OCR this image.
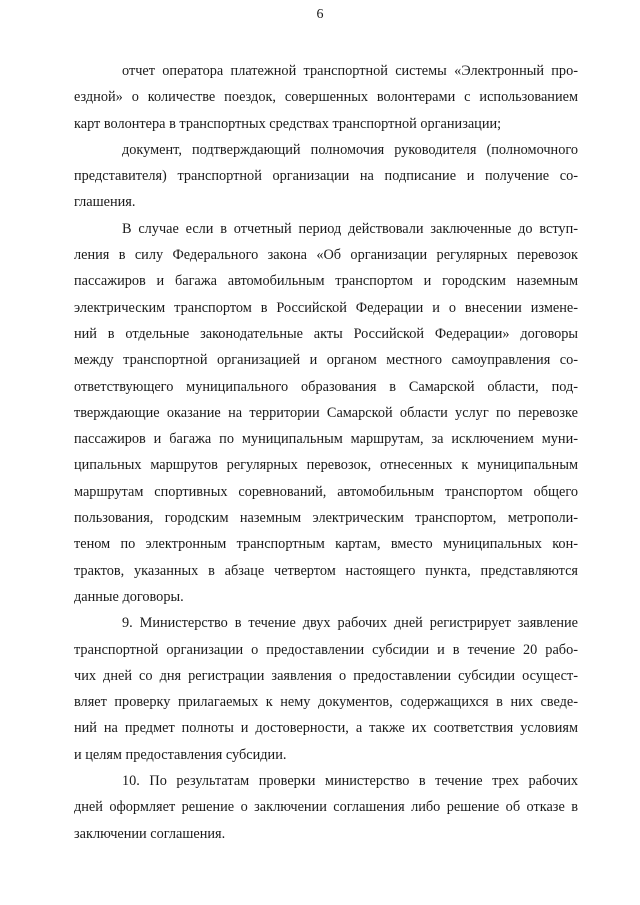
6
отчет оператора платежной транспортной системы «Электронный про-
ездной» о количестве поездок, совершенных волонтерами с использованием
карт волонтера в транспортных средствах транспортной организации;
документ, подтверждающий полномочия руководителя (полномочного
представителя) транспортной организации на подписание и получение со-
глашения.
В случае если в отчетный период действовали заключенные до вступ-
ления в силу Федерального закона «Об организации регулярных перевозок
пассажиров и багажа автомобильным транспортом и городским наземным
электрическим транспортом в Российской Федерации и о внесении измене-
ний в отдельные законодательные акты Российской Федерации» договоры
между транспортной организацией и органом местного самоуправления со-
ответствующего муниципального образования в Самарской области, под-
тверждающие оказание на территории Самарской области услуг по перевозке
пассажиров и багажа по муниципальным маршрутам, за исключением муни-
ципальных маршрутов регулярных перевозок, отнесенных к муниципальным
маршрутам спортивных соревнований, автомобильным транспортом общего
пользования, городским наземным электрическим транспортом, метрополи-
теном по электронным транспортным картам, вместо муниципальных кон-
трактов, указанных в абзаце четвертом настоящего пункта, представляются
данные договоры.
9. Министерство в течение двух рабочих дней регистрирует заявление
транспортной организации о предоставлении субсидии и в течение 20 рабо-
чих дней со дня регистрации заявления о предоставлении субсидии осущест-
вляет проверку прилагаемых к нему документов, содержащихся в них сведе-
ний на предмет полноты и достоверности, а также их соответствия условиям
и целям предоставления субсидии.
10. По результатам проверки министерство в течение трех рабочих
дней оформляет решение о заключении соглашения либо решение об отказе в
заключении соглашения.
